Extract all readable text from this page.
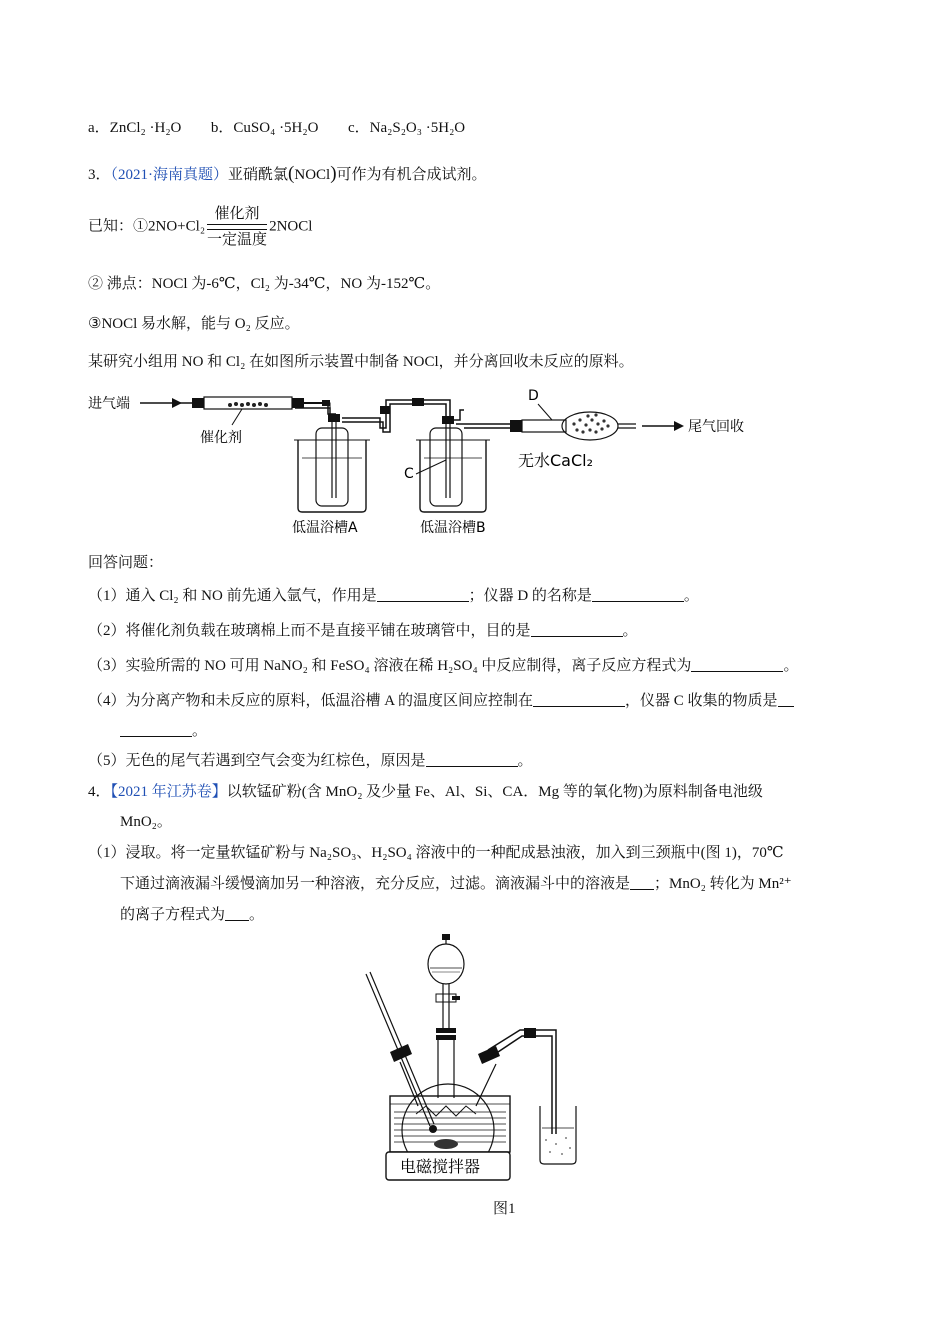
a．ZnCl₂ ·H₂O b．CuSO₄ ·5H₂O c．Na₂S₂O₃ ·5H₂O
3．（2021·海南真题）亚硝酰氯(NOCl)可作为有机合成试剂。
已知：①2NO+Cl₂
催化剂
一定温度
2NOCl
② 沸点：NOCl 为-6℃，Cl₂ 为-34℃，NO 为-152℃。
③NOCl 易水解，能与 O₂ 反应。
某研究小组用 NO 和 Cl₂ 在如图所示装置中制备 NOCl，并分离回收未反应的原料。
进气端
催化剂
C
D
无水CaCl₂
尾气回收
低温浴槽A	低温浴槽B
回答问题：
（1）通入 Cl₂ 和 NO 前先通入氩气，作用是	；仪器 D 的名称是	。
（2）将催化剂负载在玻璃棉上而不是直接平铺在玻璃管中，目的是	。
（3）实验所需的 NO 可用 NaNO₂ 和 FeSO₄ 溶液在稀 H₂SO₄ 中反应制得，离子反应方程式为	。
（4）为分离产物和未反应的原料，低温浴槽 A 的温度区间应控制在	，仪器 C 收集的物质是
。
（5）无色的尾气若遇到空气会变为红棕色，原因是	。
4．【2021 年江苏卷】以软锰矿粉(含 MnO₂ 及少量 Fe、Al、Si、CA．Mg 等的氧化物)为原料制备电池级
MnO₂。
（1）浸取。将一定量软锰矿粉与 Na₂SO₃、H₂SO₄ 溶液中的一种配成悬浊液，加入到三颈瓶中(图 1)，70℃
下通过滴液漏斗缓慢滴加另一种溶液，充分反应，过滤。滴液漏斗中的溶液是 ；MnO₂ 转化为 Mn²⁺
的离子方程式为 。
电磁搅拌器
图1
